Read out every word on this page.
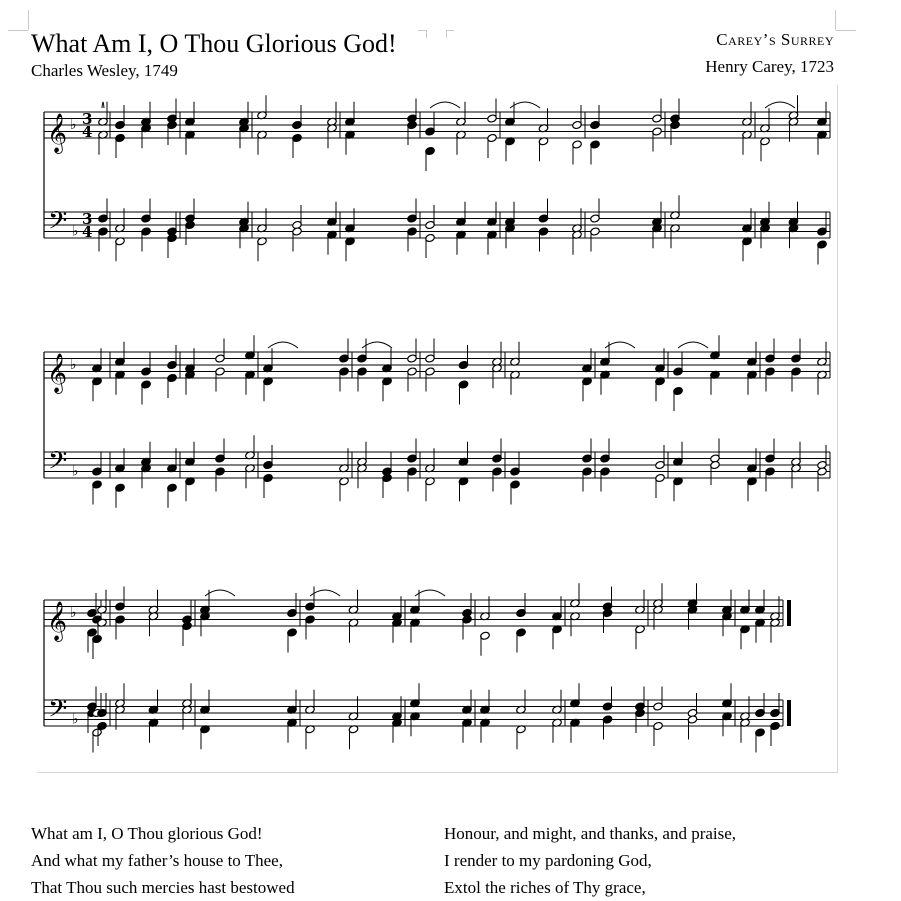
What Am I, O Thou Glorious God!
Charles Wesley, 1749
Carey’s Surrey
Henry Carey, 1723
𝄞
𝄢
♭
♭
3
4
3
4
𝄞
𝄢
♭
♭
𝄞
𝄢
♭
♭
What am I, O Thou glorious God!
And what my father’s house to Thee,
That Thou such mercies hast bestowed
Honour, and might, and thanks, and praise,
I render to my pardoning God,
Extol the riches of Thy grace,
